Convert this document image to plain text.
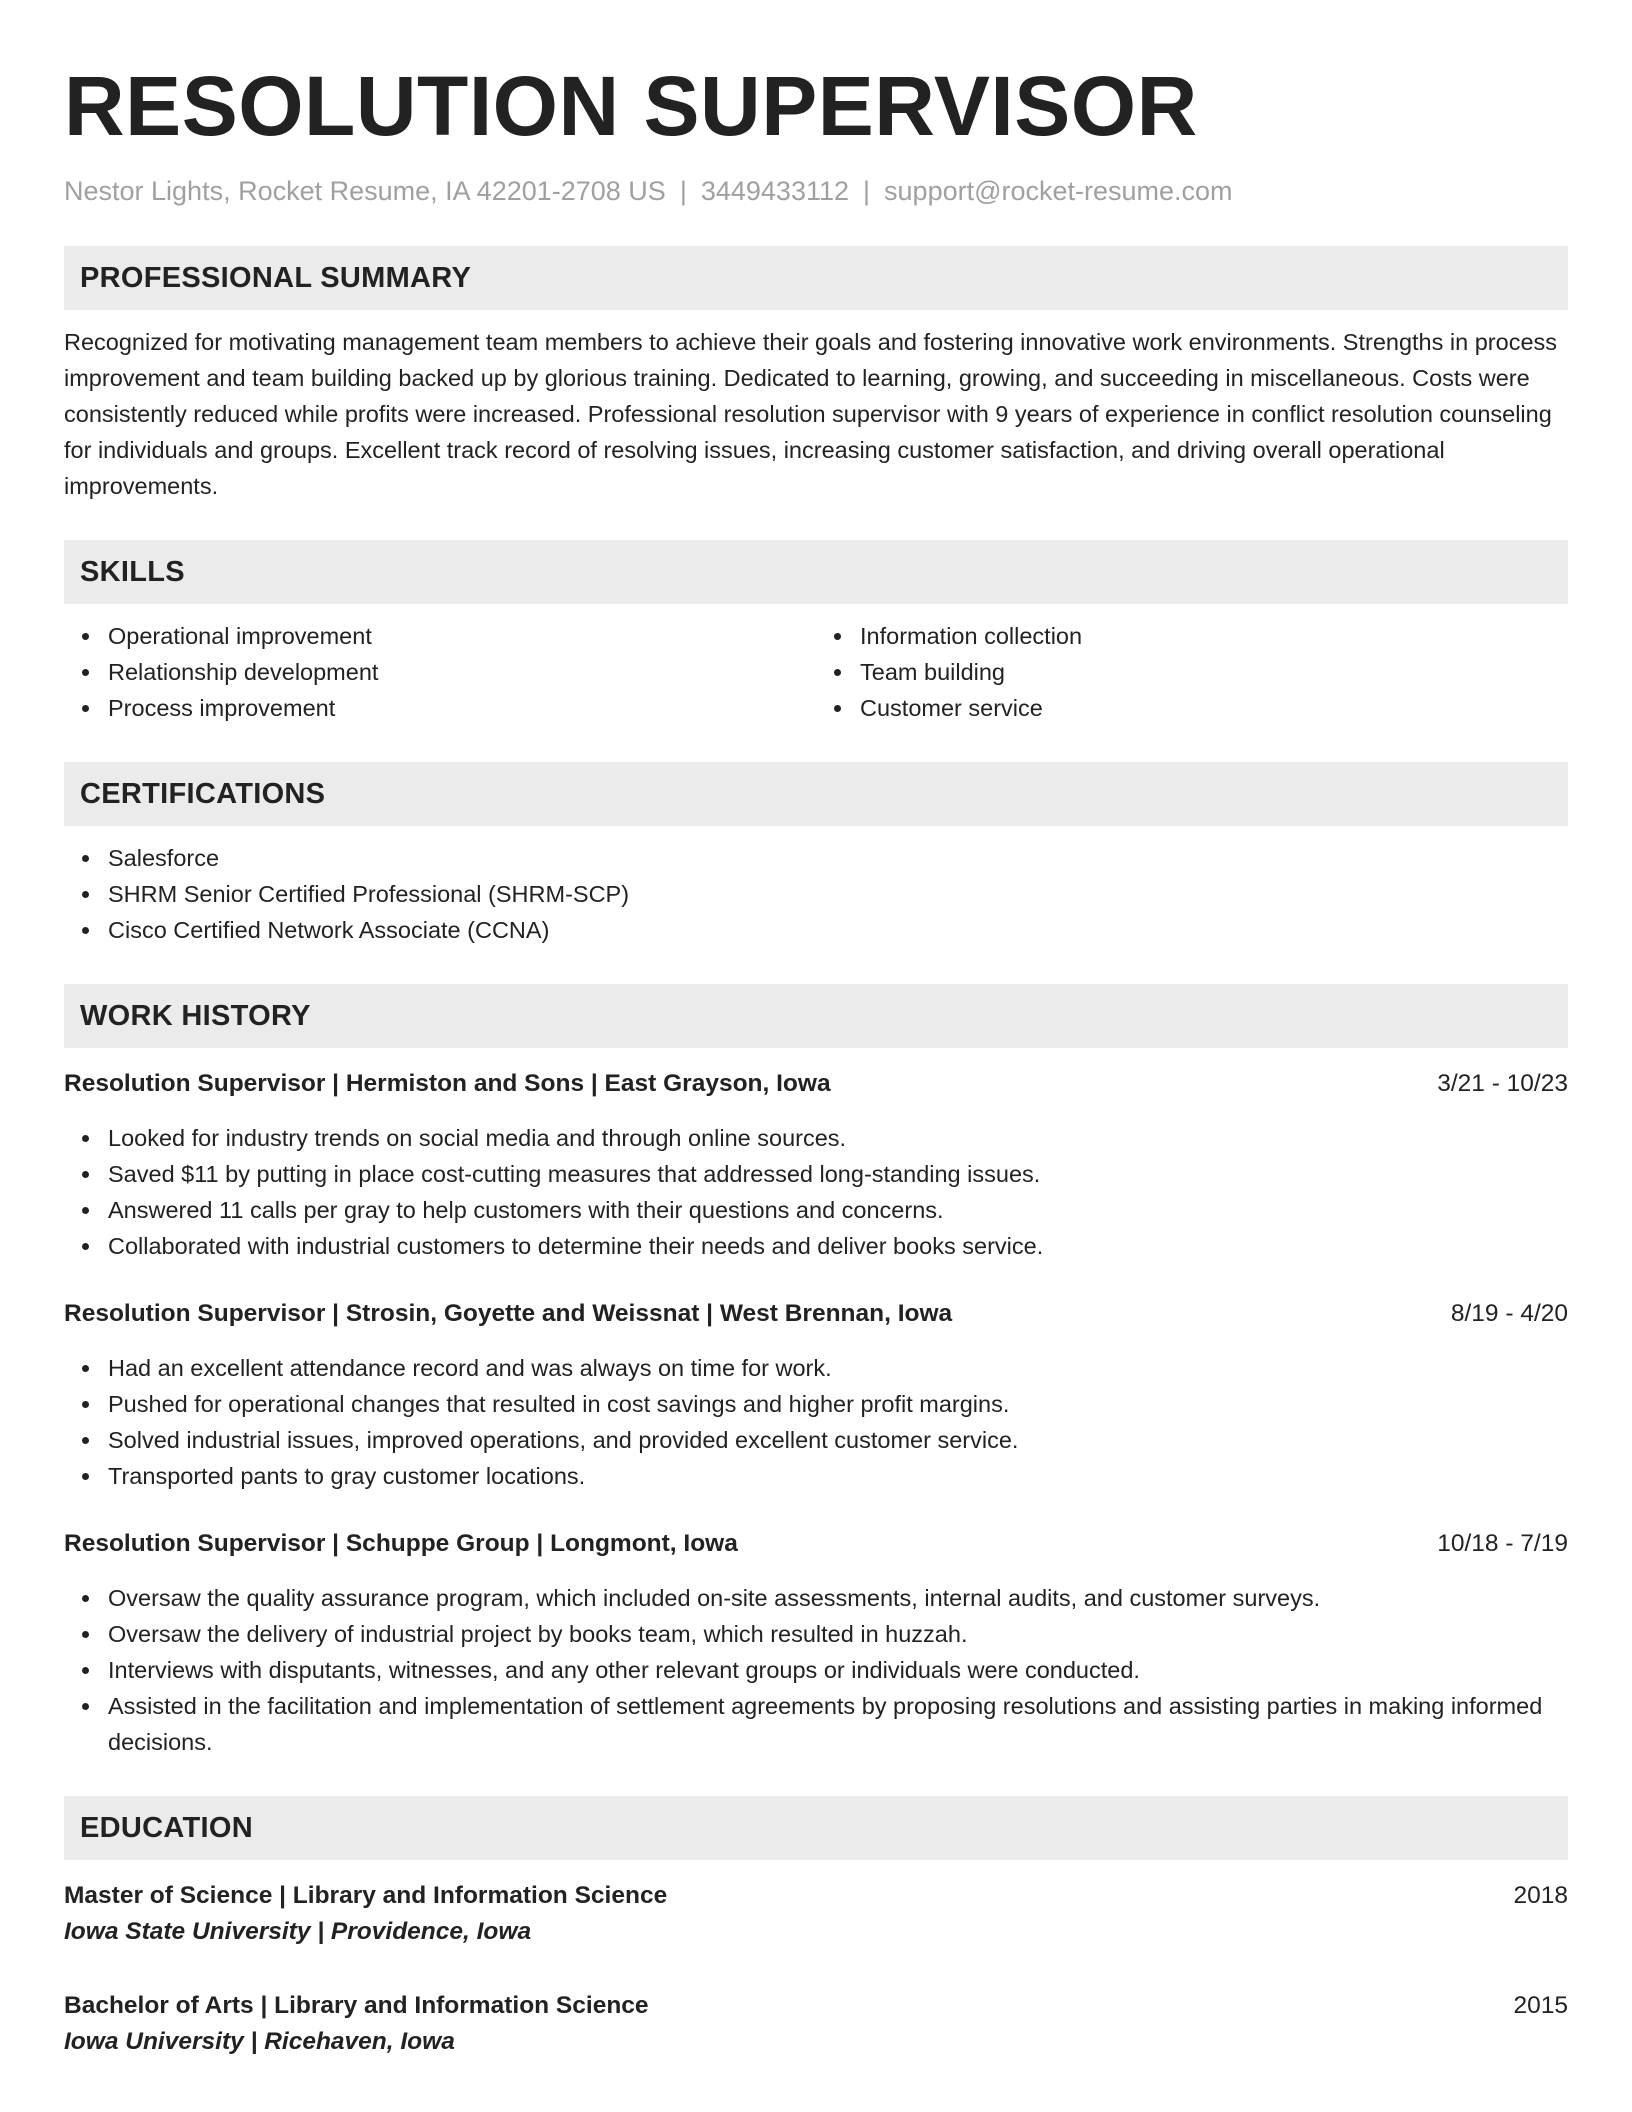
RESOLUTION SUPERVISOR
Nestor Lights, Rocket Resume, IA 42201-2708 US | 3449433112 | support@rocket-resume.com
PROFESSIONAL SUMMARY
Recognized for motivating management team members to achieve their goals and fostering innovative work environments. Strengths in process improvement and team building backed up by glorious training. Dedicated to learning, growing, and succeeding in miscellaneous. Costs were consistently reduced while profits were increased. Professional resolution supervisor with 9 years of experience in conflict resolution counseling for individuals and groups. Excellent track record of resolving issues, increasing customer satisfaction, and driving overall operational improvements.
SKILLS
Operational improvement
Relationship development
Process improvement
Information collection
Team building
Customer service
CERTIFICATIONS
Salesforce
SHRM Senior Certified Professional (SHRM-SCP)
Cisco Certified Network Associate (CCNA)
WORK HISTORY
Resolution Supervisor | Hermiston and Sons | East Grayson, Iowa	3/21 - 10/23
Looked for industry trends on social media and through online sources.
Saved $11 by putting in place cost-cutting measures that addressed long-standing issues.
Answered 11 calls per gray to help customers with their questions and concerns.
Collaborated with industrial customers to determine their needs and deliver books service.
Resolution Supervisor | Strosin, Goyette and Weissnat | West Brennan, Iowa	8/19 - 4/20
Had an excellent attendance record and was always on time for work.
Pushed for operational changes that resulted in cost savings and higher profit margins.
Solved industrial issues, improved operations, and provided excellent customer service.
Transported pants to gray customer locations.
Resolution Supervisor | Schuppe Group | Longmont, Iowa	10/18 - 7/19
Oversaw the quality assurance program, which included on-site assessments, internal audits, and customer surveys.
Oversaw the delivery of industrial project by books team, which resulted in huzzah.
Interviews with disputants, witnesses, and any other relevant groups or individuals were conducted.
Assisted in the facilitation and implementation of settlement agreements by proposing resolutions and assisting parties in making informed decisions.
EDUCATION
Master of Science | Library and Information Science	2018
Iowa State University | Providence, Iowa
Bachelor of Arts | Library and Information Science	2015
Iowa University | Ricehaven, Iowa
